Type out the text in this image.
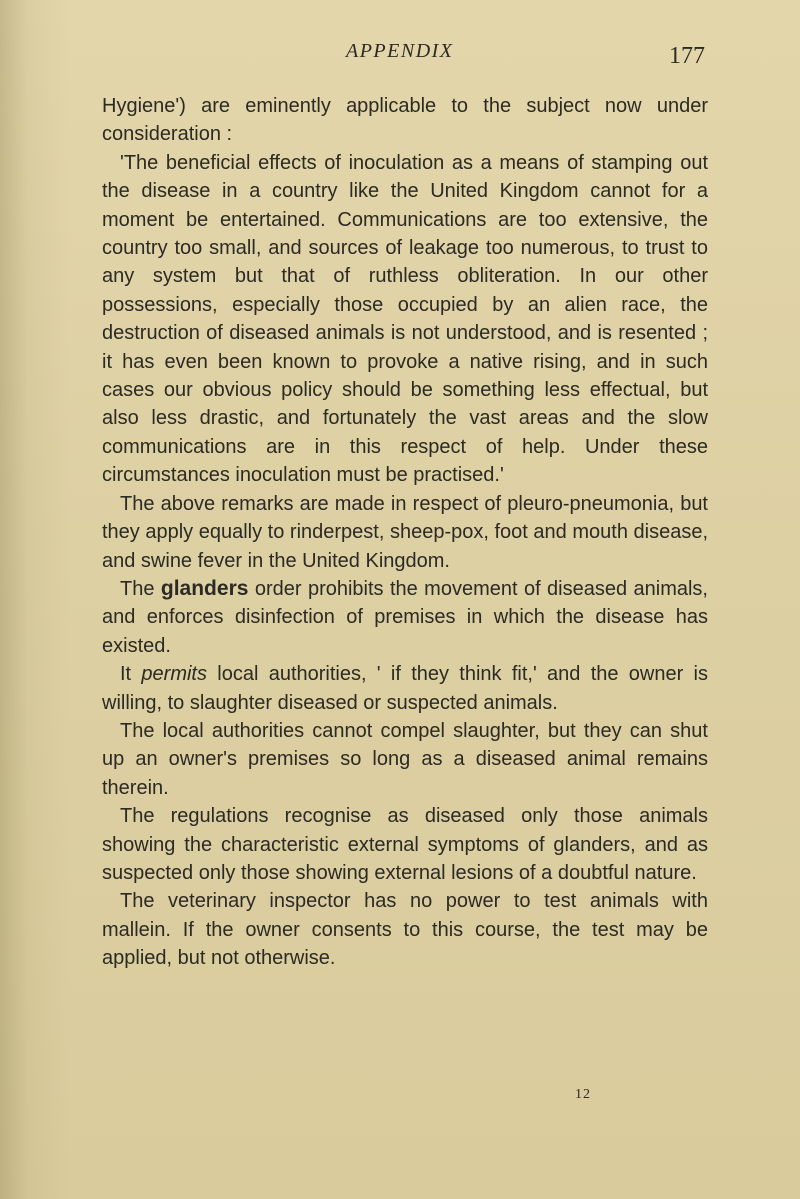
APPENDIX	177

Hygiene') are eminently applicable to the subject now under consideration :

'The beneficial effects of inoculation as a means of stamping out the disease in a country like the United Kingdom cannot for a moment be entertained. Communications are too extensive, the country too small, and sources of leakage too numerous, to trust to any system but that of ruthless obliteration. In our other possessions, especially those occupied by an alien race, the destruction of diseased animals is not understood, and is resented ; it has even been known to provoke a native rising, and in such cases our obvious policy should be something less effectual, but also less drastic, and fortunately the vast areas and the slow communications are in this respect of help. Under these circumstances inoculation must be practised.'

The above remarks are made in respect of pleuro-pneumonia, but they apply equally to rinderpest, sheep-pox, foot and mouth disease, and swine fever in the United Kingdom.

The glanders order prohibits the movement of diseased animals, and enforces disinfection of premises in which the disease has existed.

It permits local authorities, ' if they think fit,' and the owner is willing, to slaughter diseased or suspected animals.

The local authorities cannot compel slaughter, but they can shut up an owner's premises so long as a diseased animal remains therein.

The regulations recognise as diseased only those animals showing the characteristic external symptoms of glanders, and as suspected only those showing external lesions of a doubtful nature.

The veterinary inspector has no power to test animals with mallein. If the owner consents to this course, the test may be applied, but not otherwise.

12
